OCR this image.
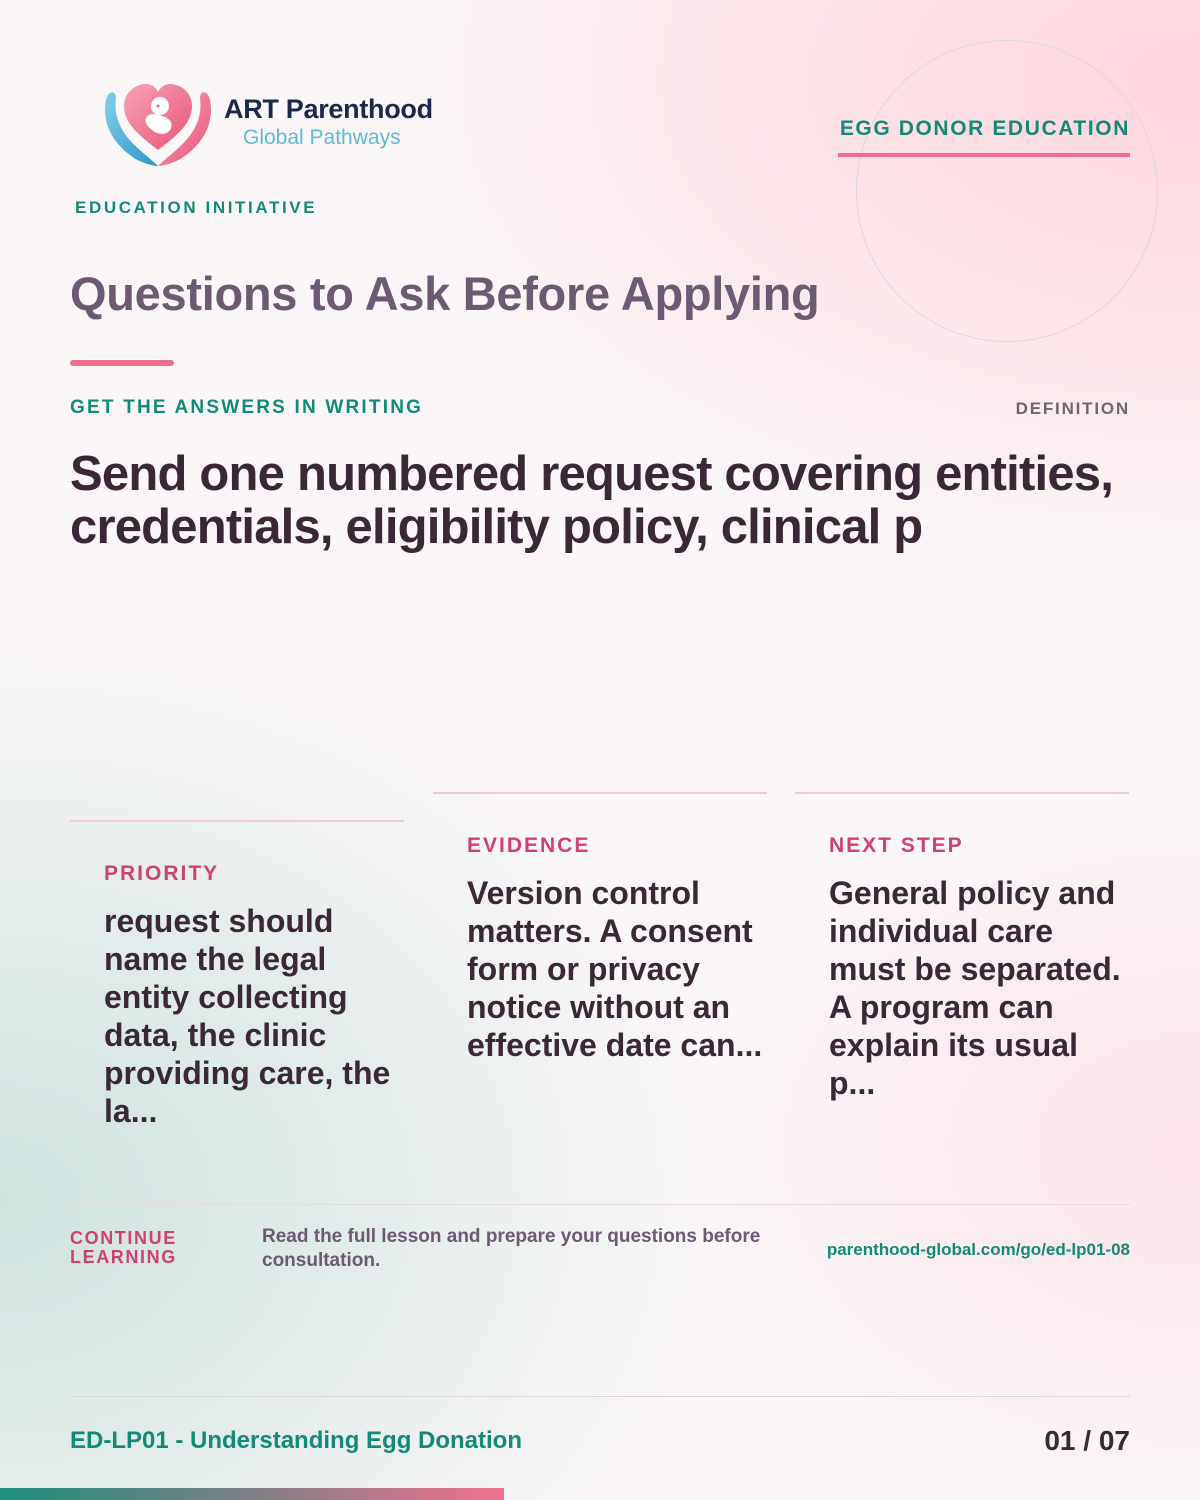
ART Parenthood
Global Pathways
EDUCATION INITIATIVE
EGG DONOR EDUCATION
Questions to Ask Before Applying
GET THE ANSWERS IN WRITING	DEFINITION
Send one numbered request covering entities, credentials, eligibility policy, clinical p
PRIORITY
request should name the legal entity collecting data, the clinic providing care, the la...
EVIDENCE
Version control matters. A consent form or privacy notice without an effective date can...
NEXT STEP
General policy and individual care must be separated. A program can explain its usual p...
CONTINUE LEARNING
Read the full lesson and prepare your questions before consultation.
parenthood-global.com/go/ed-lp01-08
ED-LP01 - Understanding Egg Donation	01 / 07
